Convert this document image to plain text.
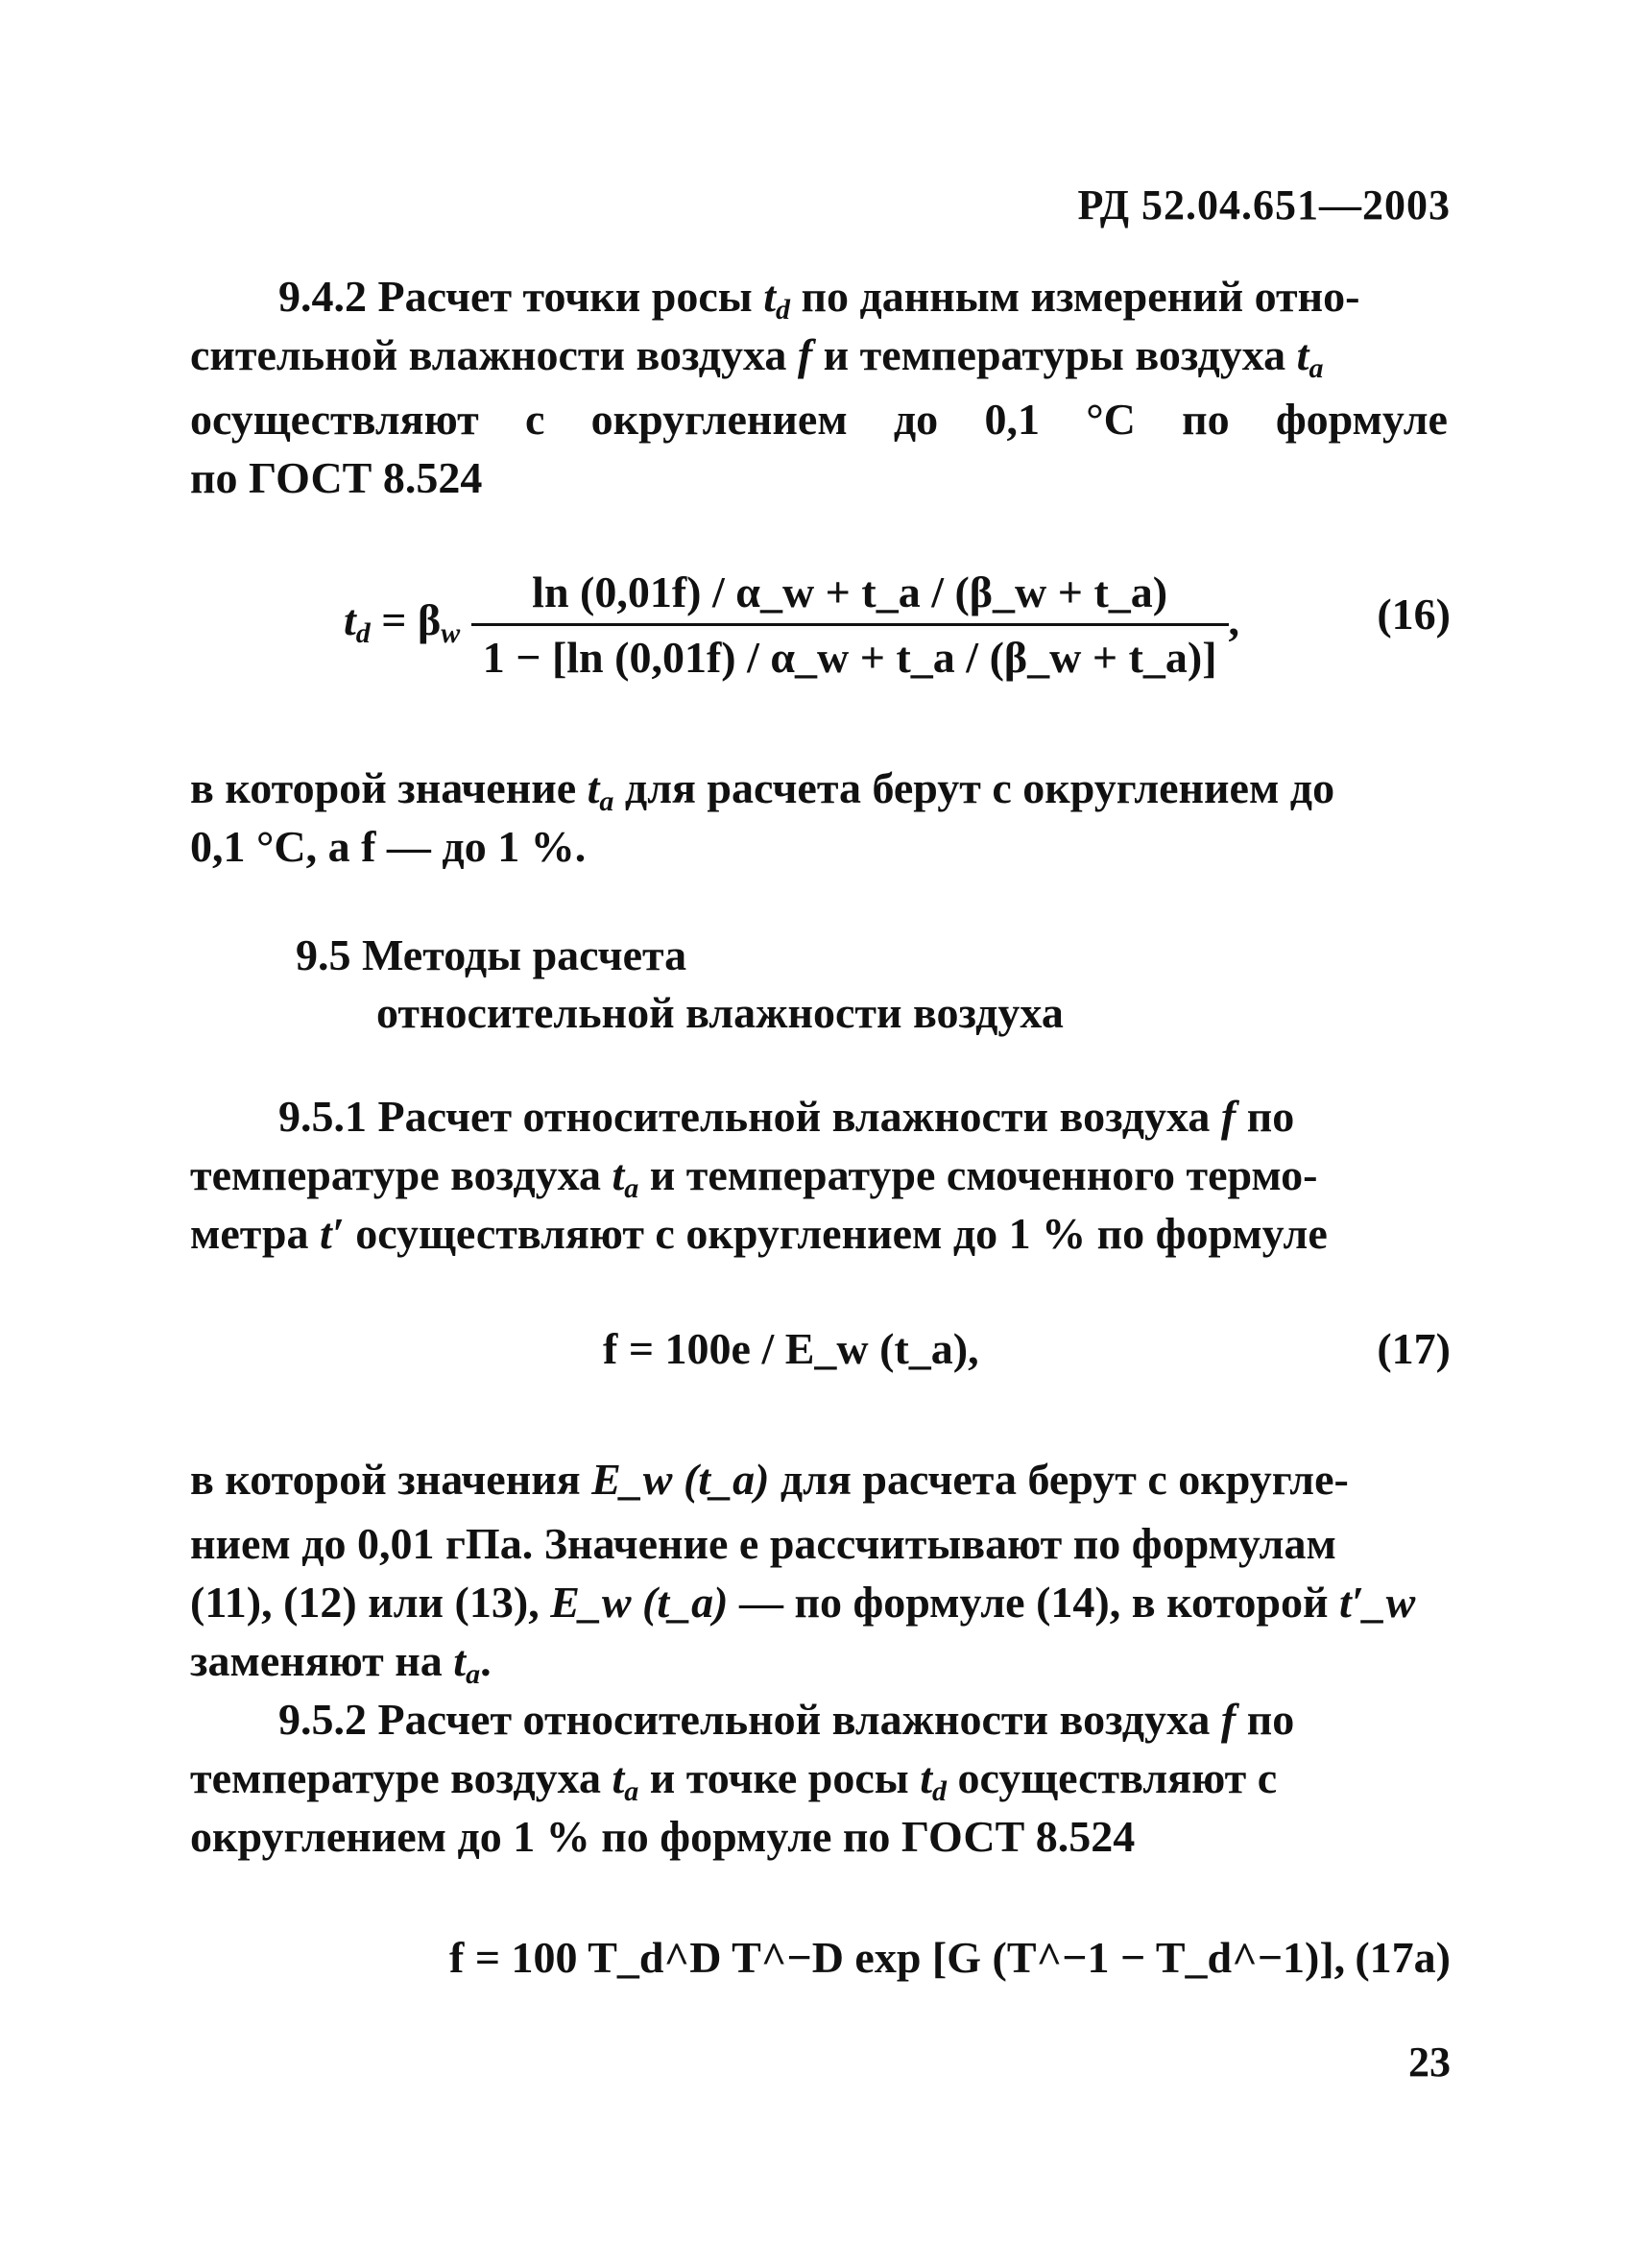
РД 52.04.651—2003
9.4.2 Расчет точки росы $t_d$ по данным измерений отно-
сительной влажности воздуха f и температуры воздуха $t_a$
осуществляют с округлением до 0,1 °С по формуле
по ГОСТ 8.524
$t_d = \beta_w \frac{\ln (0,01f) / \alpha\_w + t\_a / (\beta\_w + t\_a)}{1 - [\ln (0,01f) / \alpha\_w + t\_a / (\beta\_w + t\_a)]}$ ,	(16)
в которой значение $t_a$ для расчета берут с округлением до
0,1 °С, а f — до 1 %.
9.5 Методы расчета
относительной влажности воздуха
9.5.1 Расчет относительной влажности воздуха f по
температуре воздуха $t_a$ и температуре смоченного термо-
метра t′ осуществляют с округлением до 1 % по формуле
f = 100e / E_w (t_a),	(17)
в которой значения E_w (t_a) для расчета берут с округле-
нием до 0,01 гПа. Значение e рассчитывают по формулам
(11), (12) или (13), E_w (t_a) — по формуле (14), в которой t′_w
заменяют на $t_a$.
9.5.2 Расчет относительной влажности воздуха f по
температуре воздуха $t_a$ и точке росы $t_d$ осуществляют с
округлением до 1 % по формуле по ГОСТ 8.524
f = 100 T_d^D T^−D exp [G (T^−1 − T_d^−1)], (17a)
23
